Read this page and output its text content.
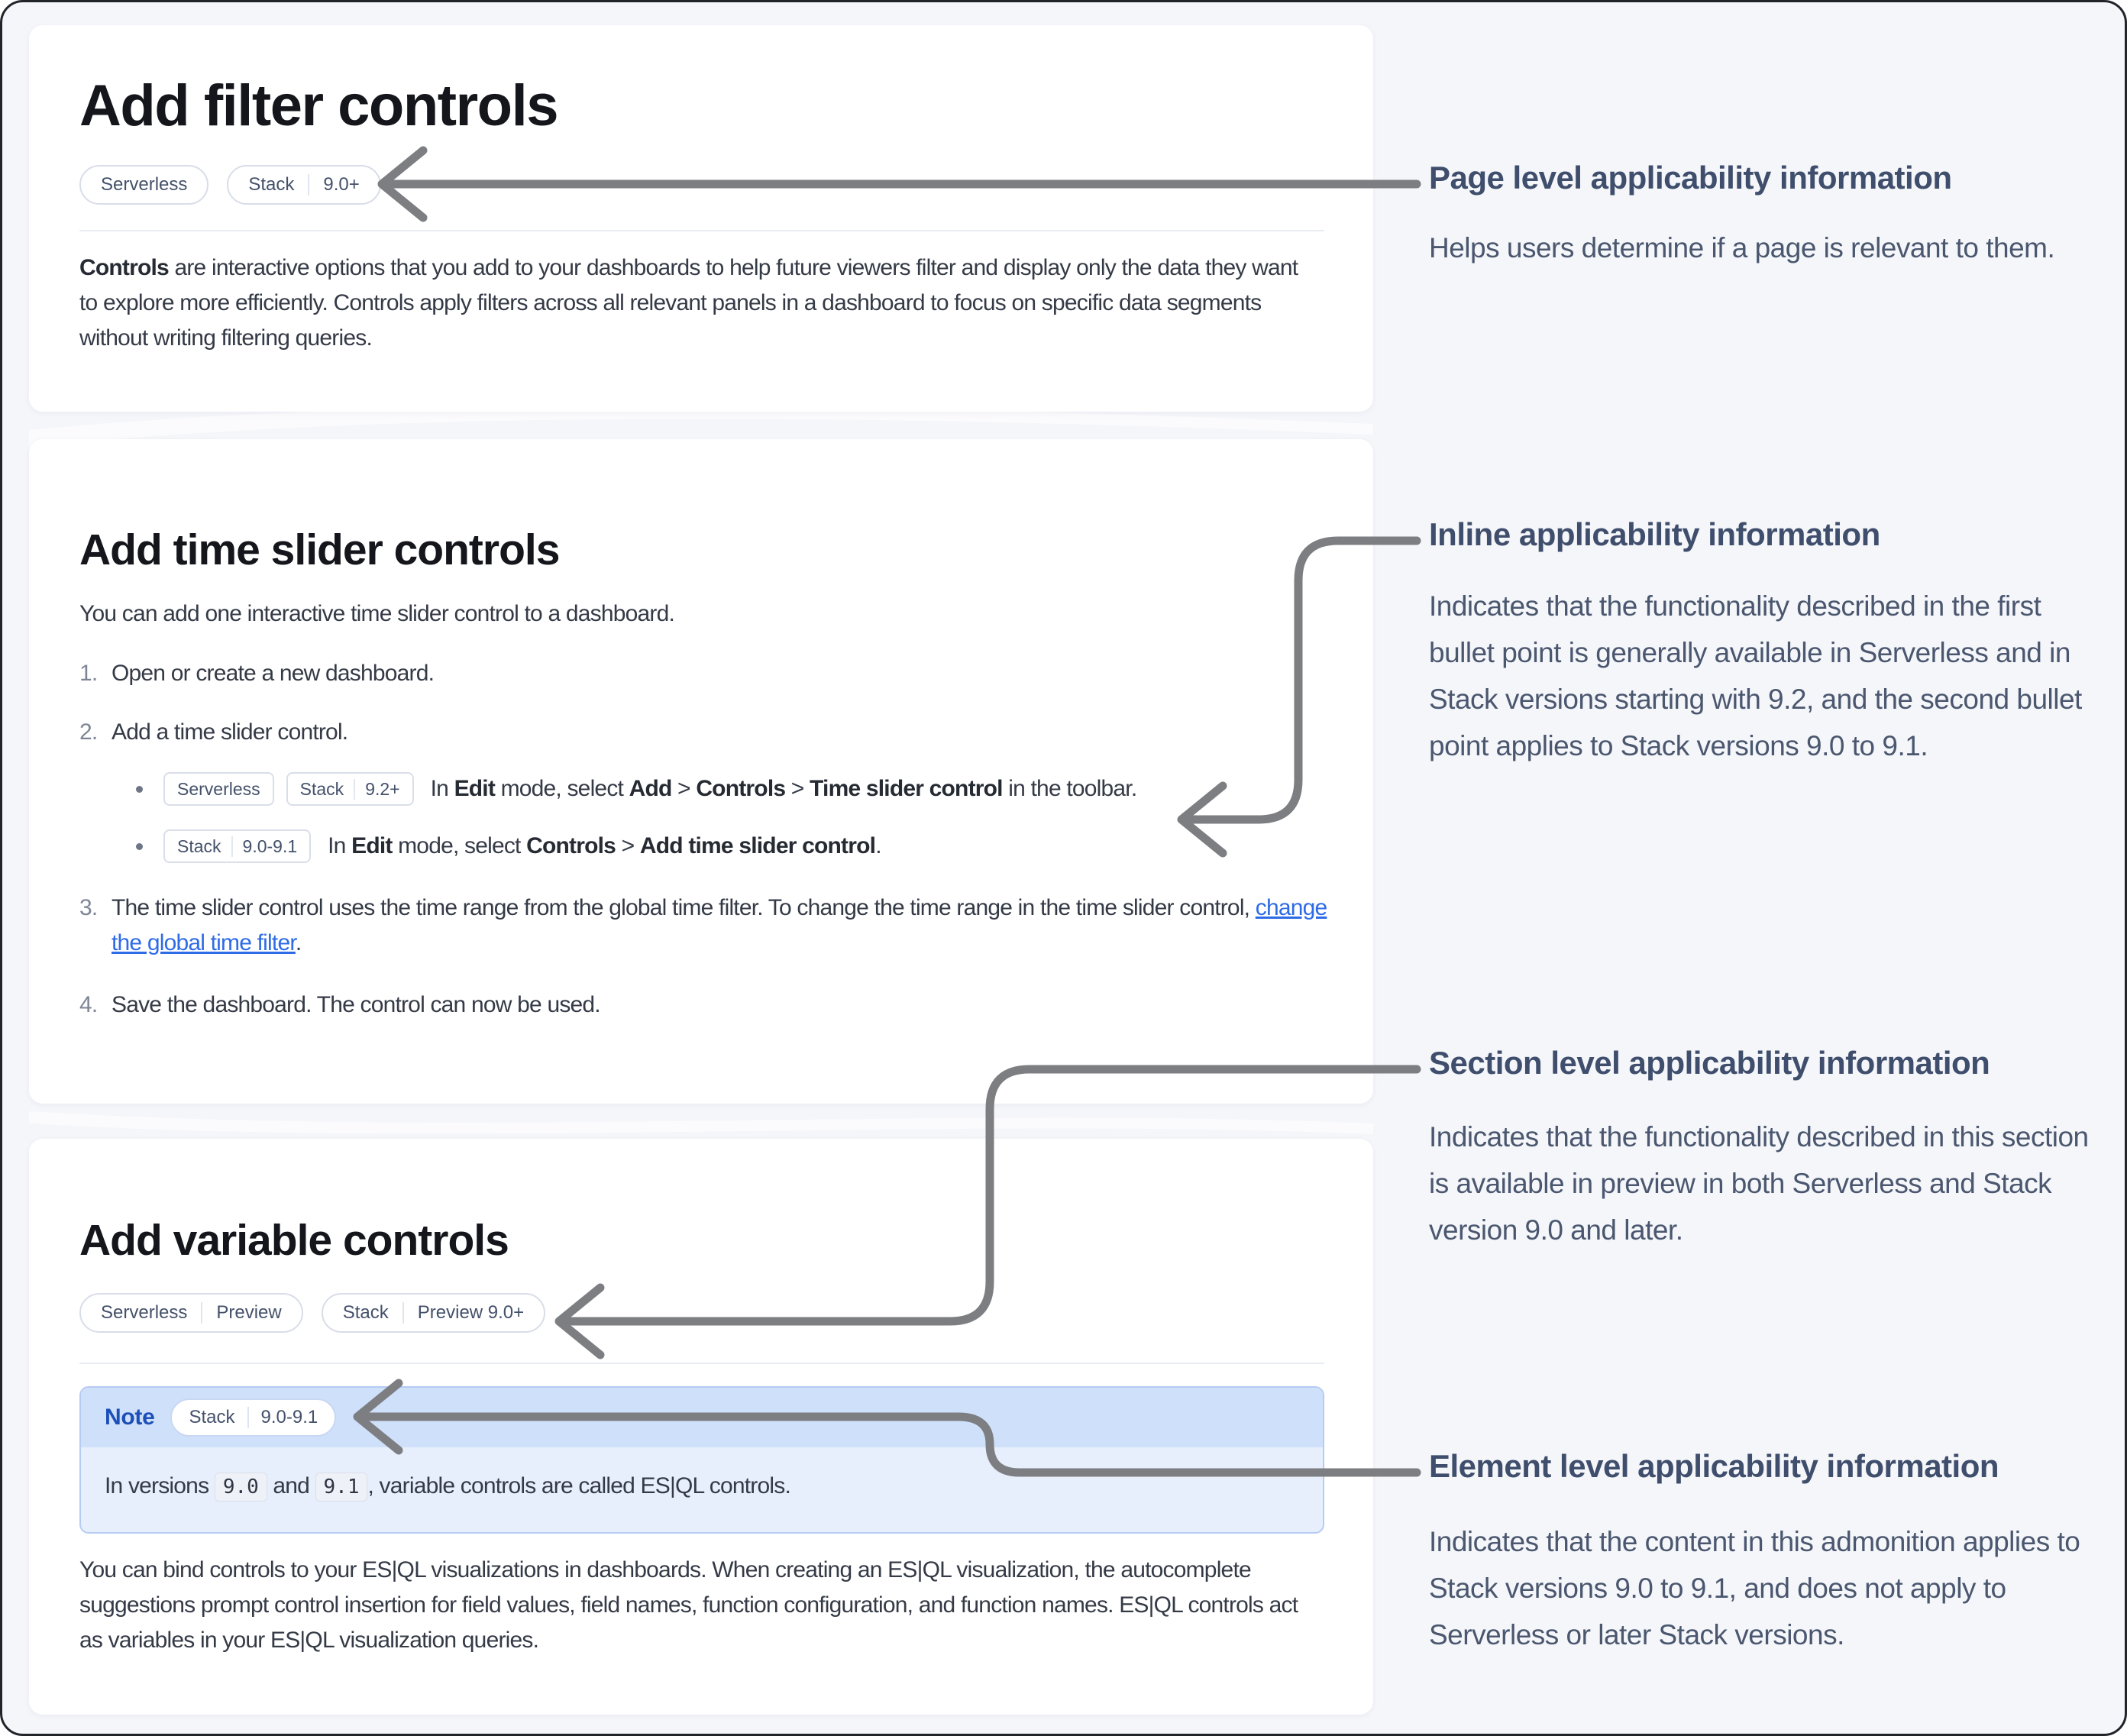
Add filter controls
Serverless	Stack	9.0+
Controls are interactive options that you add to your dashboards to help future viewers filter and display only the data they want to explore more efficiently. Controls apply filters across all relevant panels in a dashboard to focus on specific data segments without writing filtering queries.
Add time slider controls
You can add one interactive time slider control to a dashboard.
1. Open or create a new dashboard.
2. Add a time slider control.
Serverless Stack	9.2+ In Edit mode, select Add > Controls > Time slider control in the toolbar.
Stack	9.0-9.1 In Edit mode, select Controls > Add time slider control.
3. The time slider control uses the time range from the global time filter. To change the time range in the time slider control, change the global time filter.
4. Save the dashboard. The control can now be used.
Add variable controls
Serverless	Preview	Stack	Preview 9.0+
Note Stack	9.0-9.1
In versions 9.0 and 9.1 , variable controls are called ES|QL controls.
You can bind controls to your ES|QL visualizations in dashboards. When creating an ES|QL visualization, the autocomplete suggestions prompt control insertion for field values, field names, function configuration, and function names. ES|QL controls act as variables in your ES|QL visualization queries.
Page level applicability information
Helps users determine if a page is relevant to them.
Inline applicability information
Indicates that the functionality described in the first bullet point is generally available in Serverless and in Stack versions starting with 9.2, and the second bullet point applies to Stack versions 9.0 to 9.1.
Section level applicability information
Indicates that the functionality described in this section is available in preview in both Serverless and Stack version 9.0 and later.
Element level applicability information
Indicates that the content in this admonition applies to Stack versions 9.0 to 9.1, and does not apply to Serverless or later Stack versions.
